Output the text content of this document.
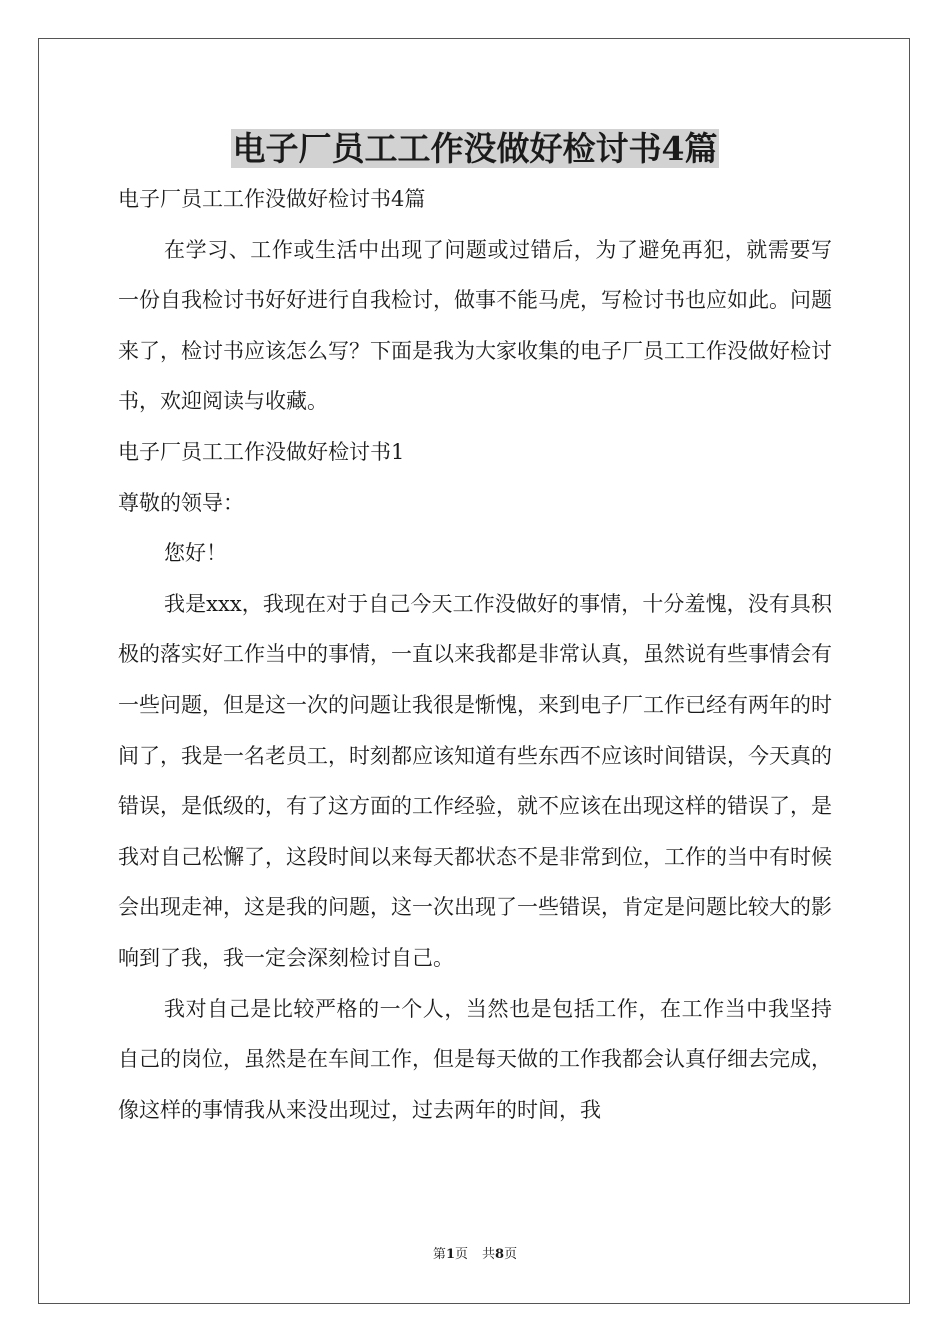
电子厂员工工作没做好检讨书4篇

电子厂员工工作没做好检讨书4篇

在学习、工作或生活中出现了问题或过错后，为了避免再犯，就需要写一份自我检讨书好好进行自我检讨，做事不能马虎，写检讨书也应如此。问题来了，检讨书应该怎么写？下面是我为大家收集的电子厂员工工作没做好检讨书，欢迎阅读与收藏。

电子厂员工工作没做好检讨书1

尊敬的领导：

您好！

我是xxx，我现在对于自己今天工作没做好的事情，十分羞愧，没有具积极的落实好工作当中的事情，一直以来我都是非常认真，虽然说有些事情会有一些问题，但是这一次的问题让我很是惭愧，来到电子厂工作已经有两年的时间了，我是一名老员工，时刻都应该知道有些东西不应该时间错误，今天真的错误，是低级的，有了这方面的工作经验，就不应该在出现这样的错误了，是我对自己松懈了，这段时间以来每天都状态不是非常到位，工作的当中有时候会出现走神，这是我的问题，这一次出现了一些错误，肯定是问题比较大的影响到了我，我一定会深刻检讨自己。

我对自己是比较严格的一个人，当然也是包括工作，在工作当中我坚持自己的岗位，虽然是在车间工作，但是每天做的工作我都会认真仔细去完成，像这样的事情我从来没出现过，过去两年的时间，我

第1页 共8页
